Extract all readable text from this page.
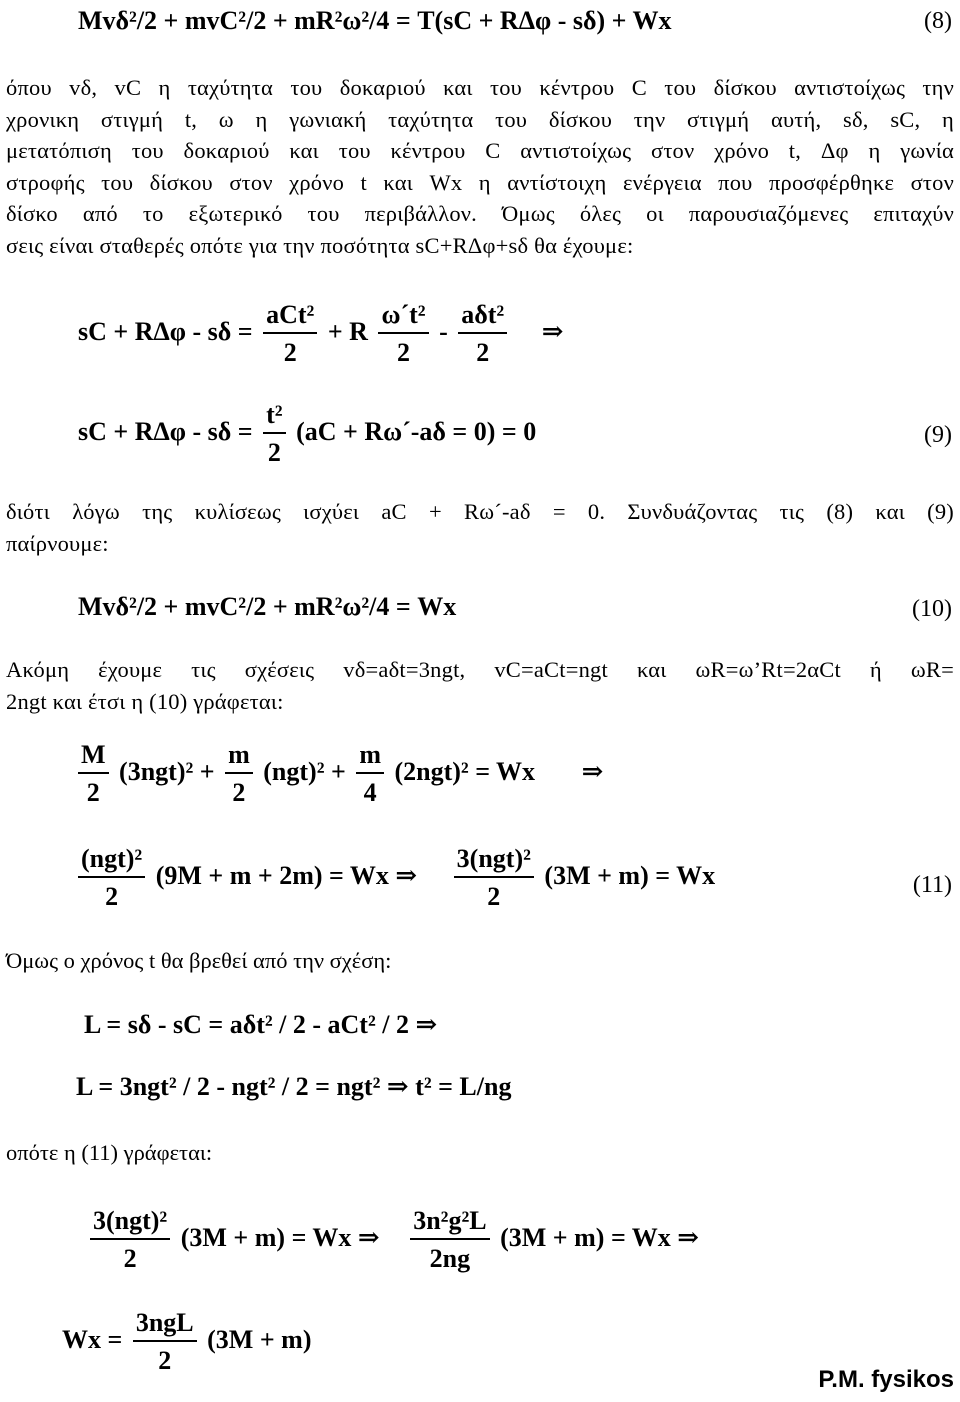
Mvδ²/2 + mvC²/2 + mR²ω²/4 = T(sC + RΔφ - sδ) + Wx	(8)
όπου vδ, vC η ταχύτητα του δοκαριού και του κέντρου C του δίσκου αντιστοίχως την
χρονικη στιγμή t, ω η γωνιακή ταχύτητα του δίσκου την στιγμή αυτή, sδ, sC, η
μετατόπιση του δοκαριού και του κέντρου C αντιστοίχως στον χρόνο t, Δφ η γωνία
στροφής του δίσκου στον χρόνο t και Wx η αντίστοιχη ενέργεια που προσφέρθηκε στον
δίσκο από το εξωτερικό του περιβάλλον. Όμως όλες οι παρουσιαζόμενες επιταχύν
σεις είναι σταθερές οπότε για την ποσότητα sC+RΔφ+sδ θα έχουμε:
sC + $R\Delta\varphi - s\delta = \frac{\text{aCt²}}{2} + R \frac{\text{ω´t²}}{2} - \frac{\text{aδt²}}{2}$ ⇒
sC + $R\Delta\varphi - s\delta = \frac{\text{t²}}{2} (aC$ + Rω´-aδ = 0) = 0	(9)
διότι λόγω της κυλίσεως ισχύει aC + Rω´-aδ = 0. Συνδυάζοντας τις (8) και (9)
παίρνουμε:
Mvδ²/2 + mvC²/2 + mR²ω²/4 = Wx	(10)
Ακόμη έχουμε τις σχέσεις vδ=aδt=3ngt, vC=aCt=ngt και ωR=ω’Rt=2αCt ή ωR=
2ngt και έτσι η (10) γράφεται:
$\frac{M}{2} (3ngt)^2 + \frac{m}{2} (ngt)^2 + \frac{m}{4} (2ngt)^2 = Wx$ ⇒
$\frac{\text{(ngt)²}}{2} (9M + m + 2m) = Wx$ ⇒ $\frac{\text{3(ngt)²}}{2} (3M + m) = Wx$	(11)
Όμως ο χρόνος t θα βρεθεί από την σχέση:
L = sδ - sC = aδt² / 2 - aCt² / 2 ⇒
L = 3ngt² / 2 - ngt² / 2 = ngt² ⇒ t² = L/ng
οπότε η (11) γράφεται:
$\frac{\text{3(ngt)²}}{2} (3M + m) = Wx$ ⇒ $\frac{\text{3n²g²L}}{2ng} (3M + m) = Wx$ ⇒
$Wx = \frac{\text{3ngL}}{2} (3M + m)$
P.M. fysikos
